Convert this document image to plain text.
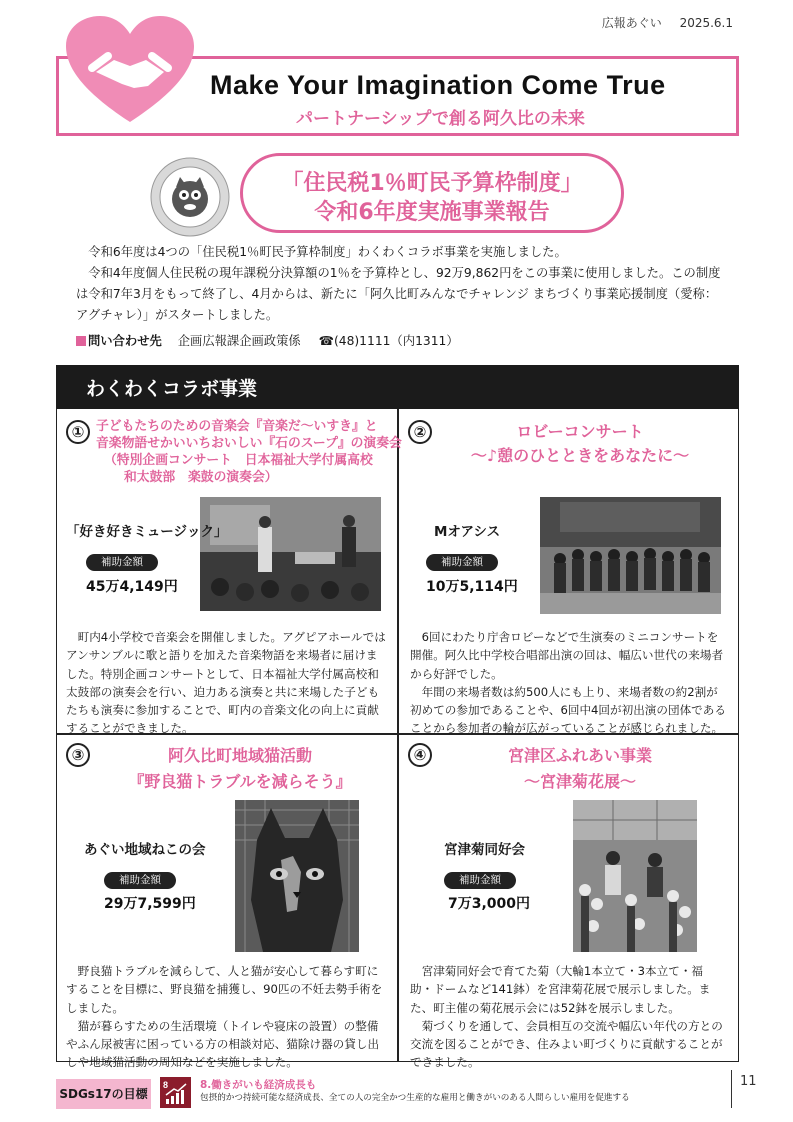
広報あぐい 2025.6.1
Make Your Imagination Come True
パートナーシップで創る阿久比の未来
「住民税1％町民予算枠制度」
令和6年度実施事業報告

令和6年度は4つの「住民税1％町民予算枠制度」わくわくコラボ事業を実施しました。

令和4年度個人住民税の現年課税分決算額の1％を予算枠とし、92万9,862円をこの事業に使用しました。この制度は令和7年3月をもって終了し、4月からは、新たに「阿久比町みんなでチャレンジ まちづくり事業応援制度（愛称：アグチャレ）」がスタートしました。

問い合わせ先 企画広報課企画政策係 ☎(48)1111（内1311）
わくわくコラボ事業
① 子どもたちのための音楽会『音楽だ〜いすき』と
音楽物語せかいいちおいしい『石のスープ』の演奏会
（特別企画コンサート　日本福祉大学付属高校
和太鼓部　楽鼓の演奏会）
「好き好きミュージック」
補助金額
45万4,149円

町内4小学校で音楽会を開催しました。アグピアホールではアンサンブルに歌と語りを加えた音楽物語を来場者に届けました。特別企画コンサートとして、日本福祉大学付属高校和太鼓部の演奏会を行い、迫力ある演奏と共に来場した子どもたちも演奏に参加することで、町内の音楽文化の向上に貢献することができました。

②	ロビーコンサート
〜♪憩のひとときをあなたに〜
Mオアシス
補助金額
10万5,114円

6回にわたり庁舎ロビーなどで生演奏のミニコンサートを開催。阿久比中学校合唱部出演の回は、幅広い世代の来場者から好評でした。

年間の来場者数は約500人にも上り、来場者数の約2割が初めての参加であることや、6回中4回が初出演の団体であることから参加者の輪が広がっていることが感じられました。

③	阿久比町地域猫活動
『野良猫トラブルを減らそう』
あぐい地域ねこの会
補助金額
29万7,599円

野良猫トラブルを減らして、人と猫が安心して暮らす町にすることを目標に、野良猫を捕獲し、90匹の不妊去勢手術をしました。

猫が暮らすための生活環境（トイレや寝床の設置）の整備やふん尿被害に困っている方の相談対応、猫除け器の貸し出しや地域猫活動の周知などを実施しました。

④	宮津区ふれあい事業
〜宮津菊花展〜
宮津菊同好会
補助金額
7万3,000円

宮津菊同好会で育てた菊（大輪1本立て・3本立て・福助・ドームなど141鉢）を宮津菊花展で展示しました。また、町主催の菊花展示会には52鉢を展示しました。

菊づくりを通して、会員相互の交流や幅広い年代の方との交流を図ることができ、住みよい町づくりに貢献することができました。

SDGs17の目標
8	8.働きがいも経済成長も
包摂的かつ持続可能な経済成長、全ての人の完全かつ生産的な雇用と働きがいのある人間らしい雇用を促進する
11
